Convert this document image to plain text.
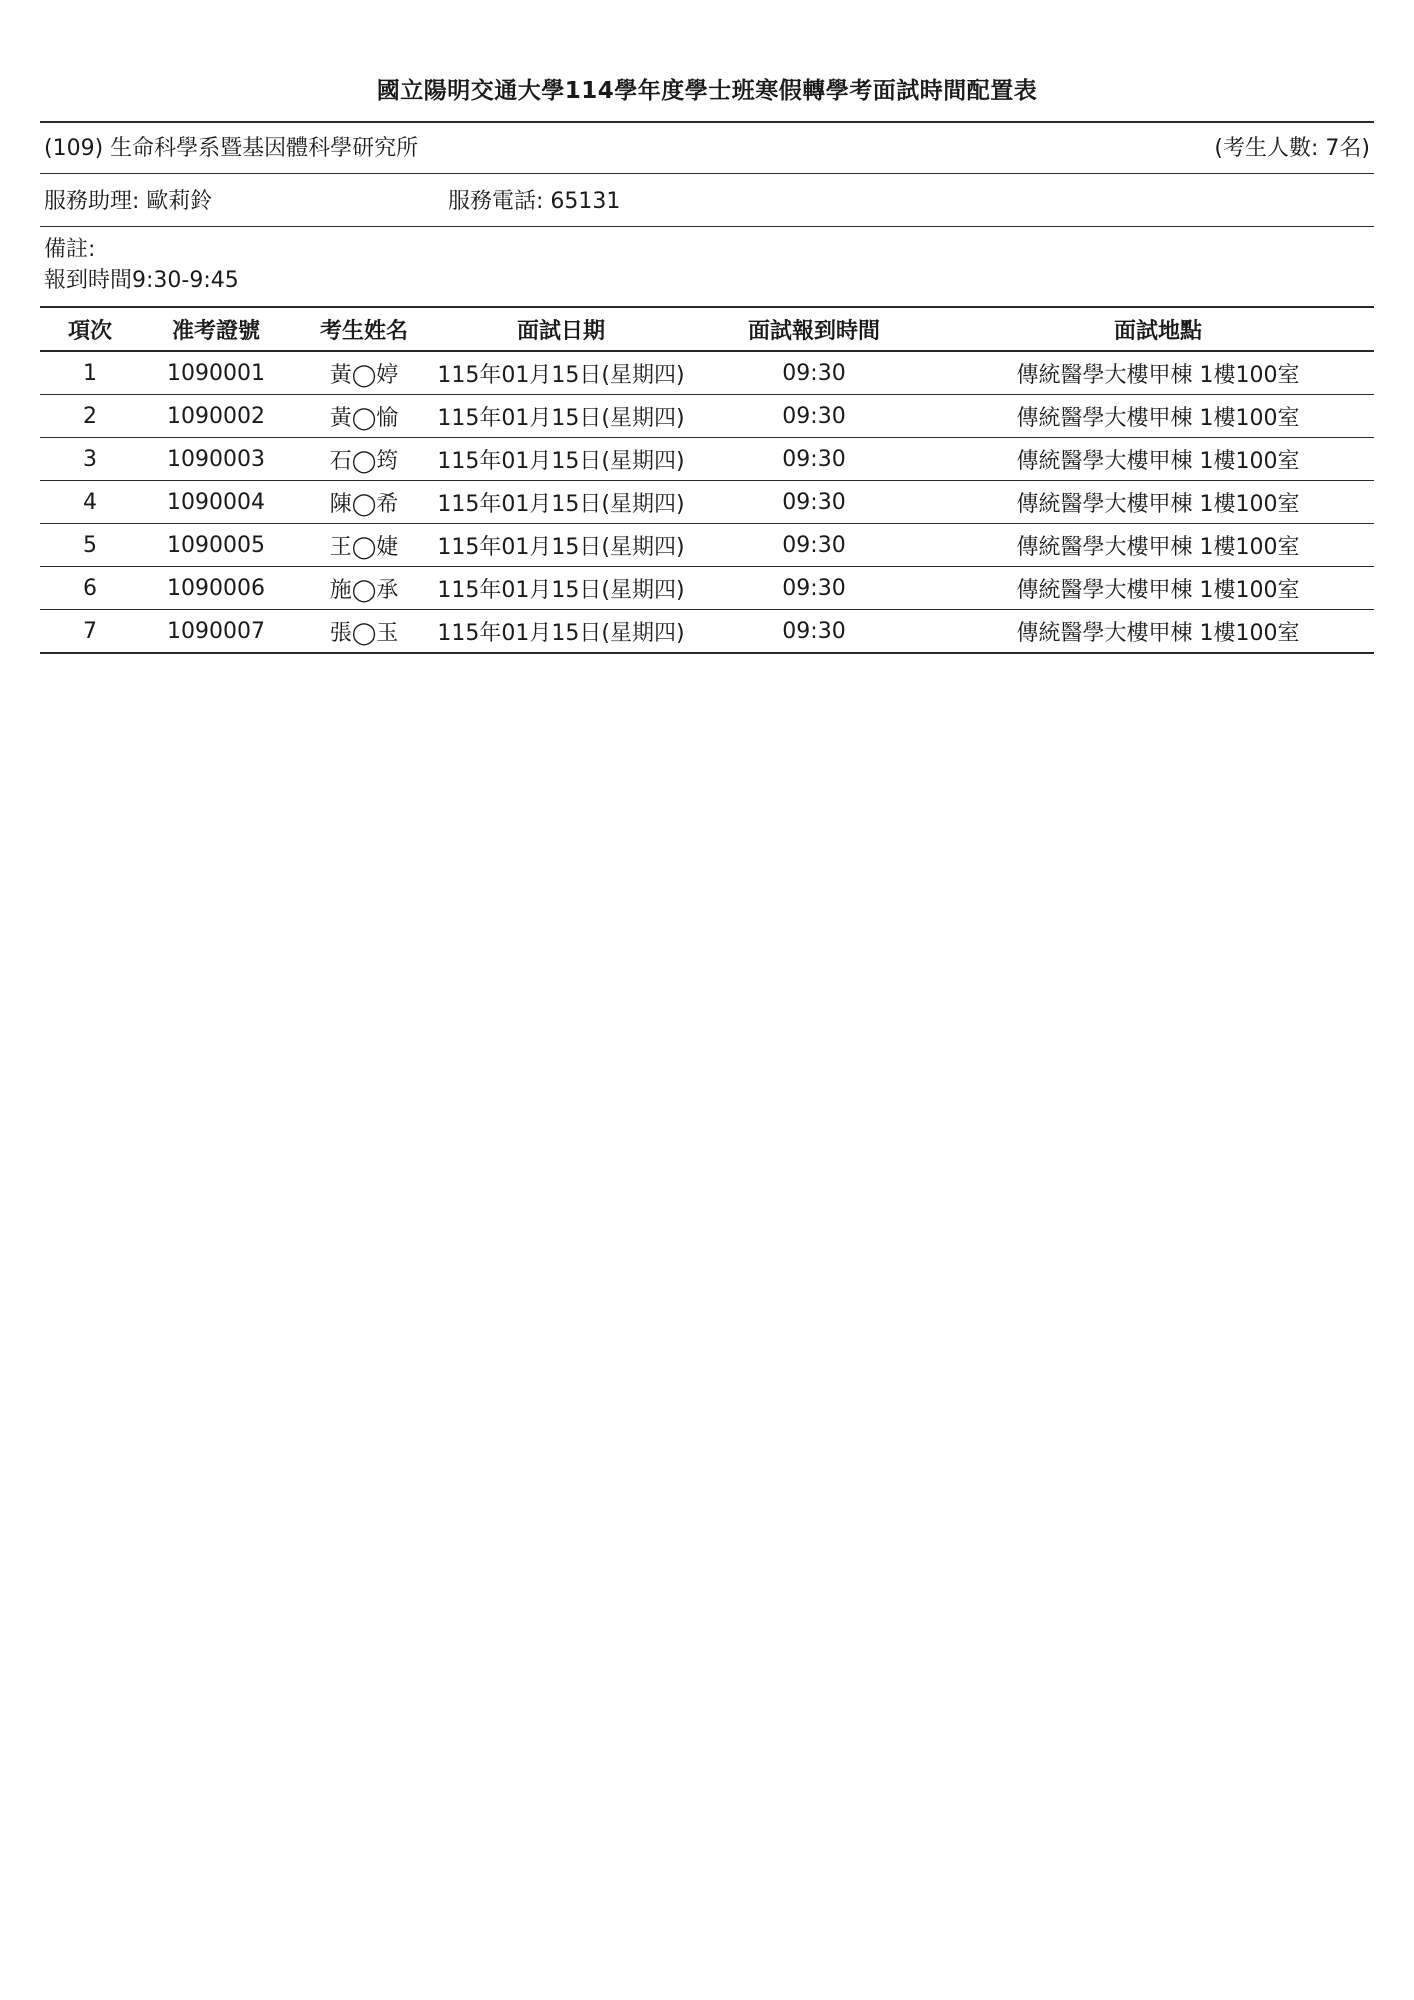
國立陽明交通大學114學年度學士班寒假轉學考面試時間配置表
(109) 生命科學系暨基因體科學研究所	(考生人數: 7名)
服務助理: 歐莉鈴	服務電話: 65131
備註:
報到時間9:30-9:45
項次	准考證號	考生姓名	面試日期	面試報到時間	面試地點
1	1090001	黃◯婷	115年01月15日(星期四)	09:30	傳統醫學大樓甲棟 1樓100室
2	1090002	黃◯愉	115年01月15日(星期四)	09:30	傳統醫學大樓甲棟 1樓100室
3	1090003	石◯筠	115年01月15日(星期四)	09:30	傳統醫學大樓甲棟 1樓100室
4	1090004	陳◯希	115年01月15日(星期四)	09:30	傳統醫學大樓甲棟 1樓100室
5	1090005	王◯婕	115年01月15日(星期四)	09:30	傳統醫學大樓甲棟 1樓100室
6	1090006	施◯承	115年01月15日(星期四)	09:30	傳統醫學大樓甲棟 1樓100室
7	1090007	張◯玉	115年01月15日(星期四)	09:30	傳統醫學大樓甲棟 1樓100室
